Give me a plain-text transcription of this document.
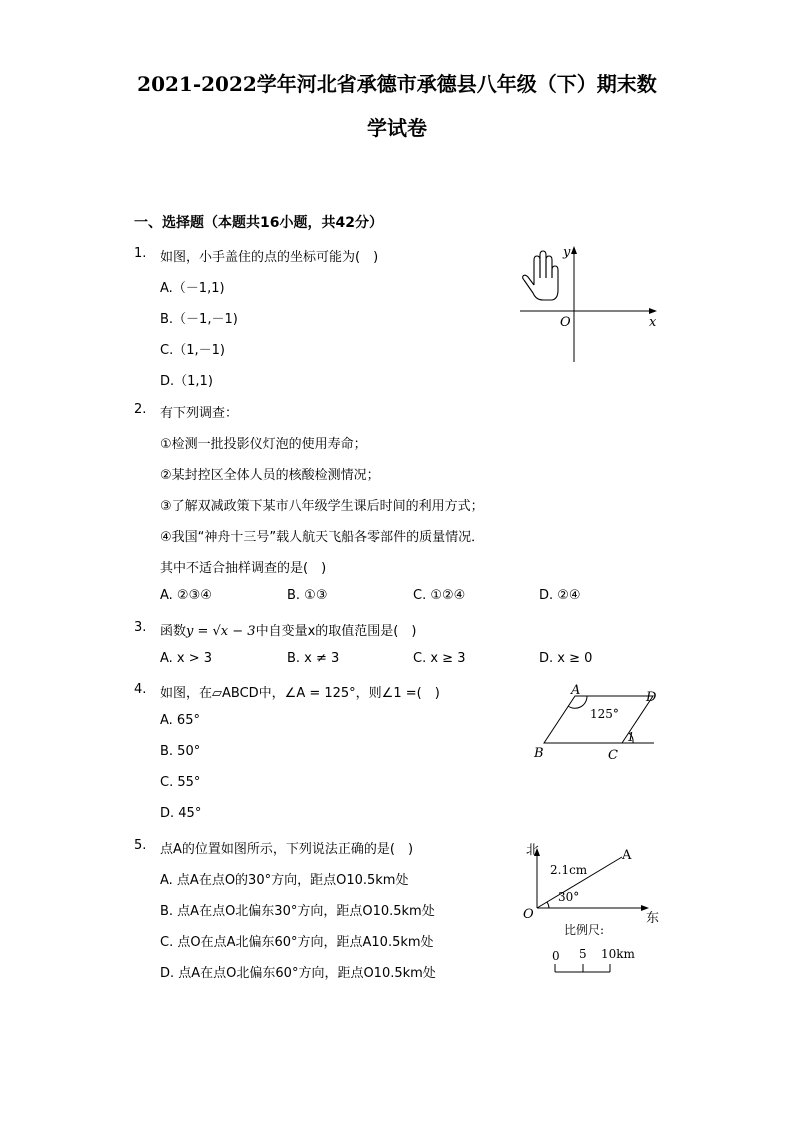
2021-2022学年河北省承德市承德县八年级（下）期末数
学试卷
一、选择题（本题共16小题，共42分）
1. 如图，小手盖住的点的坐标可能为(　)
A.（－1,1)
B.（－1,－1)
C.（1,－1)
D.（1,1)
y
x
O
2. 有下列调查：
①检测一批投影仪灯泡的使用寿命；
②某封控区全体人员的核酸检测情况；
③了解双减政策下某市八年级学生课后时间的利用方式；
④我国“神舟十三号”载人航天飞船各零部件的质量情况．
其中不适合抽样调查的是(　)
A. ②③④	B. ①③	C. ①②④	D. ②④
3. 函数y = √x − 3中自变量x的取值范围是(　)
A. x > 3	B. x ≠ 3	C. x ≥ 3	D. x ≥ 0
4. 如图，在▱ABCD中，∠A = 125°，则∠1 =(　)
A. 65°
B. 50°
C. 55°
D. 45°
A	D
B	C
125°
1
5. 点A的位置如图所示，下列说法正确的是(　)
A. 点A在点O的30°方向，距点O10.5km处
B. 点A在点O北偏东30°方向，距点O10.5km处
C. 点O在点A北偏东60°方向，距点A10.5km处
D. 点A在点O北偏东60°方向，距点O10.5km处
北
东
A
O
2.1cm
30°
比例尺:
0 5 10km
